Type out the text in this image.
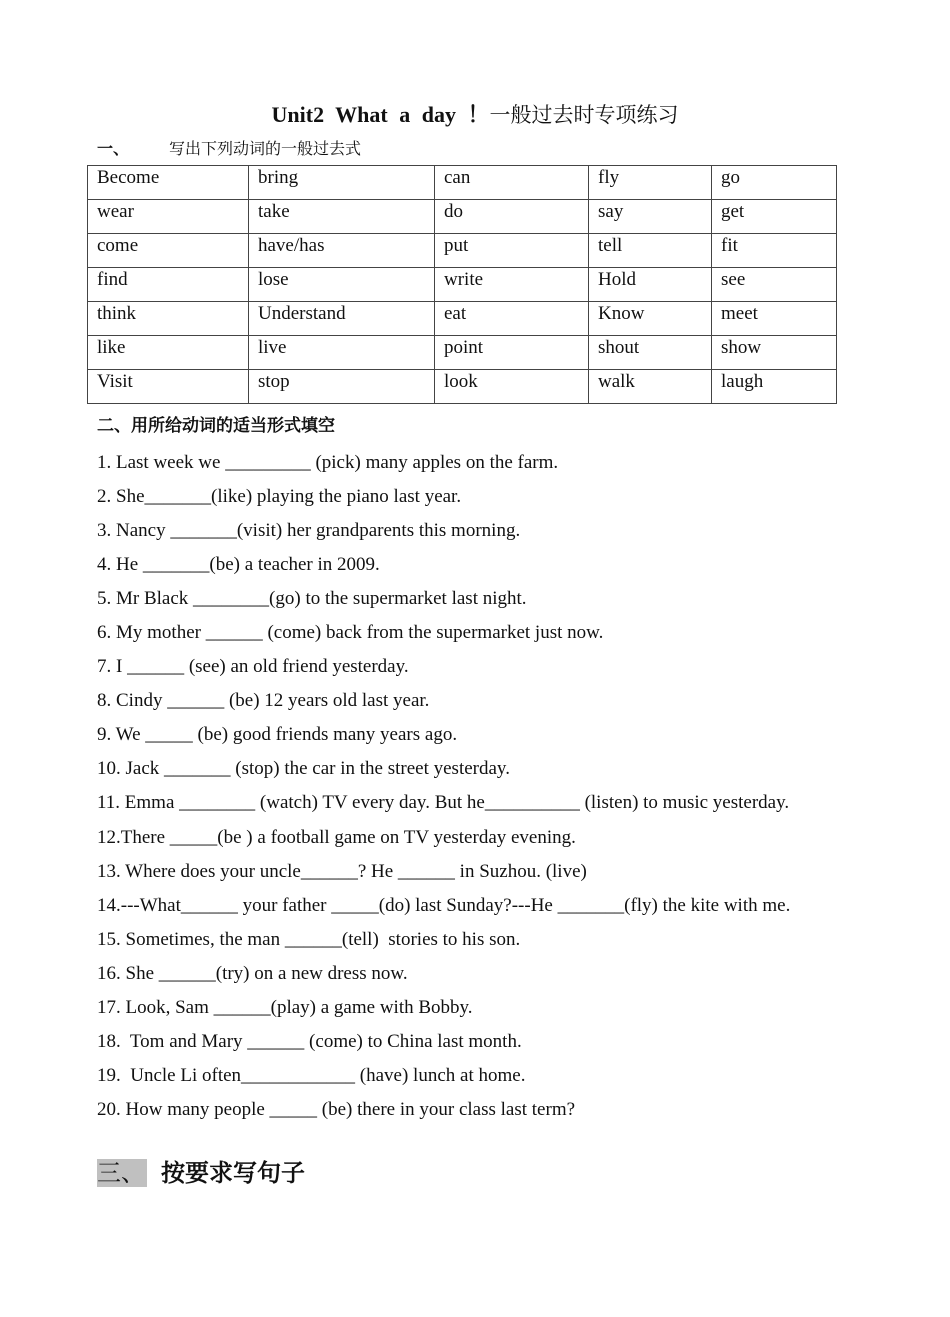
Unit2 What a day ！一般过去时专项练习
一、 写出下列动词的一般过去式
Become	bring	can	fly	go
wear	take	do	say	get
come	have/has	put	tell	fit
find	lose	write	Hold	see
think	Understand	eat	Know	meet
like	live	point	shout	show
Visit	stop	look	walk	laugh
二、用所给动词的适当形式填空
1. Last week we _________ (pick) many apples on the farm.
2. She_______(like) playing the piano last year.
3. Nancy _______(visit) her grandparents this morning.
4. He _______(be) a teacher in 2009.
5. Mr Black ________(go) to the supermarket last night.
6. My mother ______ (come) back from the supermarket just now.
7. I ______ (see) an old friend yesterday.
8. Cindy ______ (be) 12 years old last year.
9. We _____ (be) good friends many years ago.
10. Jack _______ (stop) the car in the street yesterday.
11. Emma ________ (watch) TV every day. But he__________ (listen) to music yesterday.
12.There _____(be ) a football game on TV yesterday evening.
13. Where does your uncle______? He ______ in Suzhou. (live)
14.---What______ your father _____(do) last Sunday?---He _______(fly) the kite with me.
15. Sometimes, the man ______(tell)  stories to his son.
16. She ______(try) on a new dress now.
17. Look, Sam ______(play) a game with Bobby.
18.  Tom and Mary ______ (come) to China last month.
19.  Uncle Li often____________ (have) lunch at home.
20. How many people _____ (be) there in your class last term?
三、 按要求写句子
